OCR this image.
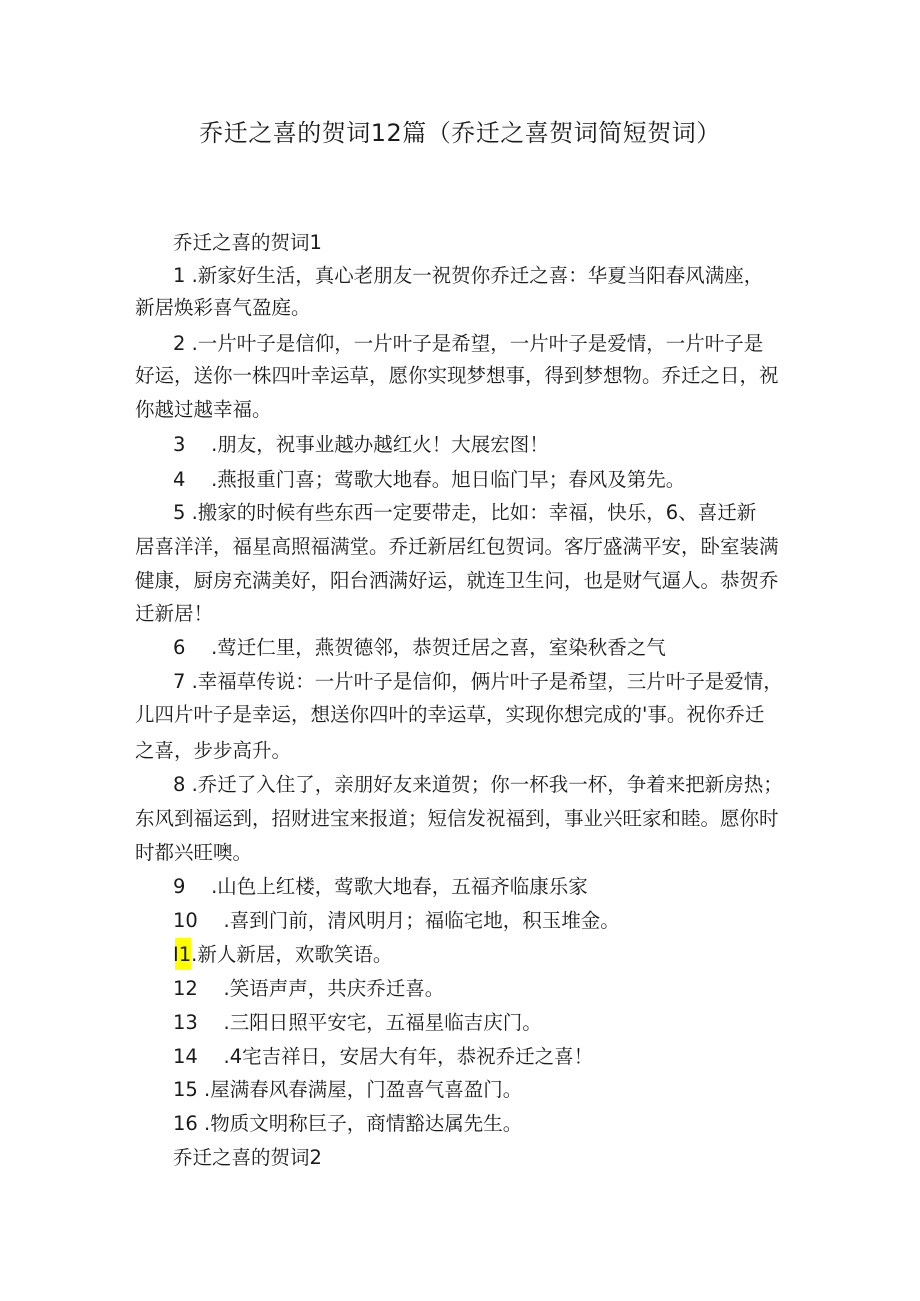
乔迁之喜的贺词12篇（乔迁之喜贺词简短贺词）

乔迁之喜的贺词1

1 .新家好生活，真心老朋友一祝贺你乔迁之喜：华夏当阳春风满座，

新居焕彩喜气盈庭。

2 .一片叶子是信仰，一片叶子是希望，一片叶子是爱情，一片叶子是

好运，送你一株四叶幸运草，愿你实现梦想事，得到梦想物。乔迁之日，祝

你越过越幸福。

3 　.朋友，祝事业越办越红火！大展宏图！

4 　.燕报重门喜；莺歌大地春。旭日临门早；春风及第先。

5 .搬家的时候有些东西一定要带走，比如：幸福，快乐，6、喜迁新

居喜洋洋，福星高照福满堂。乔迁新居红包贺词。客厅盛满平安，卧室装满

健康，厨房充满美好，阳台洒满好运，就连卫生问，也是财气逼人。恭贺乔

迁新居！

6 　.莺迁仁里，燕贺德邻，恭贺迁居之喜，室染秋香之气

7 .幸福草传说：一片叶子是信仰，俩片叶子是希望，三片叶子是爱情，

儿四片叶子是幸运，想送你四叶的幸运草，实现你想完成的'事。祝你乔迁

之喜，步步高升。

8 .乔迁了入住了，亲朋好友来道贺；你一杯我一杯，争着来把新房热；

东风到福运到，招财进宝来报道；短信发祝福到，事业兴旺家和睦。愿你时

时都兴旺噢。

9 　.山色上红楼，莺歌大地春，五福齐临康乐家

10 　.喜到门前，清风明月；福临宅地，积玉堆金。

I1.新人新居，欢歌笑语。

12 　.笑语声声，共庆乔迁喜。

13 　.三阳日照平安宅，五福星临吉庆门。

14 　.4宅吉祥日，安居大有年，恭祝乔迁之喜！

15 .屋满春风春满屋，门盈喜气喜盈门。

16 .物质文明称巨子，商情豁达属先生。

乔迁之喜的贺词2
